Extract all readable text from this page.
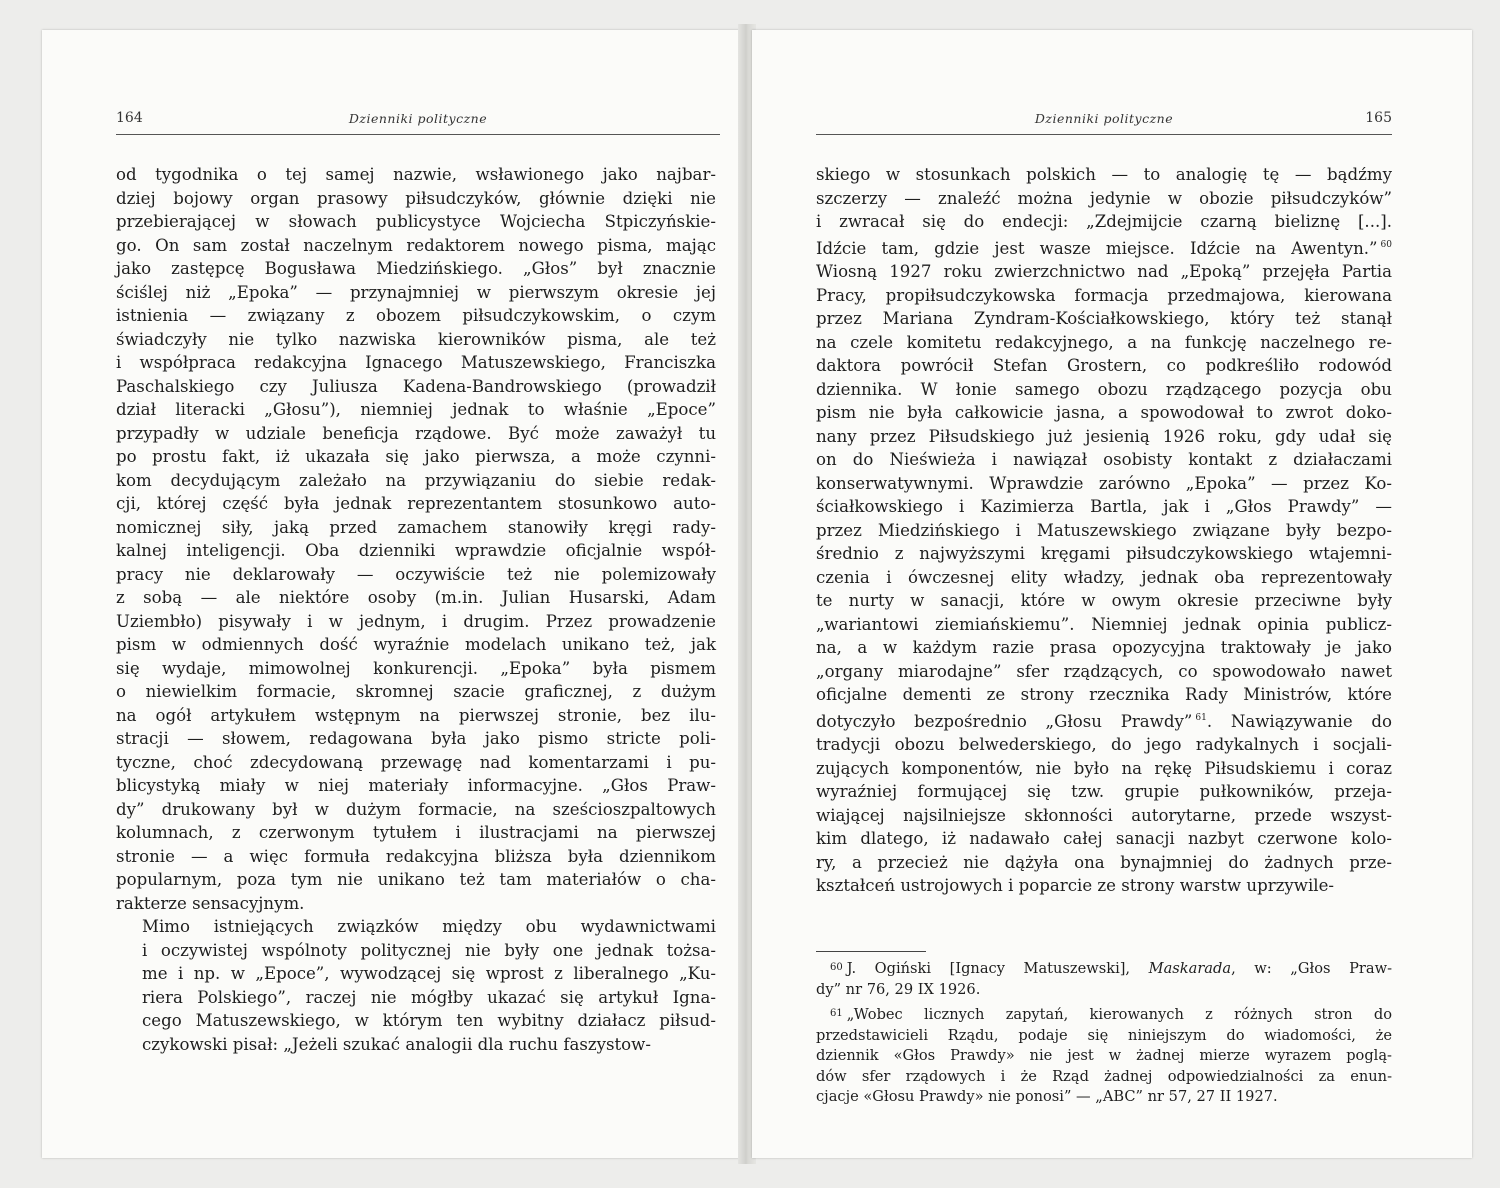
164	Dzienniki polityczne

od tygodnika o tej samej nazwie, wsławionego jako najbar-
dziej bojowy organ prasowy piłsudczyków, głównie dzięki nie
przebierającej w słowach publicystyce Wojciecha Stpiczyńskie-
go. On sam został naczelnym redaktorem nowego pisma, mając
jako zastępcę Bogusława Miedzińskiego. „Głos” był znacznie
ściślej niż „Epoka” — przynajmniej w pierwszym okresie jej
istnienia — związany z obozem piłsudczykowskim, o czym
świadczyły nie tylko nazwiska kierowników pisma, ale też
i współpraca redakcyjna Ignacego Matuszewskiego, Franciszka
Paschalskiego czy Juliusza Kadena-Bandrowskiego (prowadził
dział literacki „Głosu”), niemniej jednak to właśnie „Epoce”
przypadły w udziale beneficja rządowe. Być może zaważył tu
po prostu fakt, iż ukazała się jako pierwsza, a może czynni-
kom decydującym zależało na przywiązaniu do siebie redak-
cji, której część była jednak reprezentantem stosunkowo auto-
nomicznej siły, jaką przed zamachem stanowiły kręgi rady-
kalnej inteligencji. Oba dzienniki wprawdzie oficjalnie współ-
pracy nie deklarowały — oczywiście też nie polemizowały
z sobą — ale niektóre osoby (m.in. Julian Husarski, Adam
Uziembło) pisywały i w jednym, i drugim. Przez prowadzenie
pism w odmiennych dość wyraźnie modelach unikano też, jak
się wydaje, mimowolnej konkurencji. „Epoka” była pismem
o niewielkim formacie, skromnej szacie graficznej, z dużym
na ogół artykułem wstępnym na pierwszej stronie, bez ilu-
stracji — słowem, redagowana była jako pismo stricte poli-
tyczne, choć zdecydowaną przewagę nad komentarzami i pu-
blicystyką miały w niej materiały informacyjne. „Głos Praw-
dy” drukowany był w dużym formacie, na sześcioszpaltowych
kolumnach, z czerwonym tytułem i ilustracjami na pierwszej
stronie — a więc formuła redakcyjna bliższa była dziennikom
popularnym, poza tym nie unikano też tam materiałów o cha-
rakterze sensacyjnym.

Mimo istniejących związków między obu wydawnictwami
i oczywistej wspólnoty politycznej nie były one jednak tożsa-
me i np. w „Epoce”, wywodzącej się wprost z liberalnego „Ku-
riera Polskiego”, raczej nie mógłby ukazać się artykuł Igna-
cego Matuszewskiego, w którym ten wybitny działacz piłsud-
czykowski pisał: „Jeżeli szukać analogii dla ruchu faszystow-

Dzienniki polityczne	165

skiego w stosunkach polskich — to analogię tę — bądźmy
szczerzy — znaleźć można jedynie w obozie piłsudczyków”
i zwracał się do endecji: „Zdejmijcie czarną bieliznę [...].
Idźcie tam, gdzie jest wasze miejsce. Idźcie na Awentyn.” $^{60}$
Wiosną 1927 roku zwierzchnictwo nad „Epoką” przejęła Partia
Pracy, propiłsudczykowska formacja przedmajowa, kierowana
przez Mariana Zyndram-Kościałkowskiego, który też stanął
na czele komitetu redakcyjnego, a na funkcję naczelnego re-
daktora powrócił Stefan Grostern, co podkreśliło rodowód
dziennika. W łonie samego obozu rządzącego pozycja obu
pism nie była całkowicie jasna, a spowodował to zwrot doko-
nany przez Piłsudskiego już jesienią 1926 roku, gdy udał się
on do Nieświeża i nawiązał osobisty kontakt z działaczami
konserwatywnymi. Wprawdzie zarówno „Epoka” — przez Ko-
ściałkowskiego i Kazimierza Bartla, jak i „Głos Prawdy” —
przez Miedzińskiego i Matuszewskiego związane były bezpo-
średnio z najwyższymi kręgami piłsudczykowskiego wtajemni-
czenia i ówczesnej elity władzy, jednak oba reprezentowały
te nurty w sanacji, które w owym okresie przeciwne były
„wariantowi ziemiańskiemu”. Niemniej jednak opinia publicz-
na, a w każdym razie prasa opozycyjna traktowały je jako
„organy miarodajne” sfer rządzących, co spowodowało nawet
oficjalne dementi ze strony rzecznika Rady Ministrów, które
dotyczyło bezpośrednio „Głosu Prawdy” $^{61}$. Nawiązywanie do
tradycji obozu belwederskiego, do jego radykalnych i socjali-
zujących komponentów, nie było na rękę Piłsudskiemu i coraz
wyraźniej formującej się tzw. grupie pułkowników, przeja-
wiającej najsilniejsze skłonności autorytarne, przede wszyst-
kim dlatego, iż nadawało całej sanacji nazbyt czerwone kolo-
ry, a przecież nie dążyła ona bynajmniej do żadnych prze-
kształceń ustrojowych i poparcie ze strony warstw uprzywile-

$^{60}$ J. Ogiński [Ignacy Matuszewski], Maskarada, w: „Głos Praw-
dy” nr 76, 29 IX 1926.
$^{61}$ „Wobec licznych zapytań, kierowanych z różnych stron do
przedstawicieli Rządu, podaje się niniejszym do wiadomości, że
dziennik «Głos Prawdy» nie jest w żadnej mierze wyrazem poglą-
dów sfer rządowych i że Rząd żadnej odpowiedzialności za enun-
cjacje «Głosu Prawdy» nie ponosi” — „ABC” nr 57, 27 II 1927.
